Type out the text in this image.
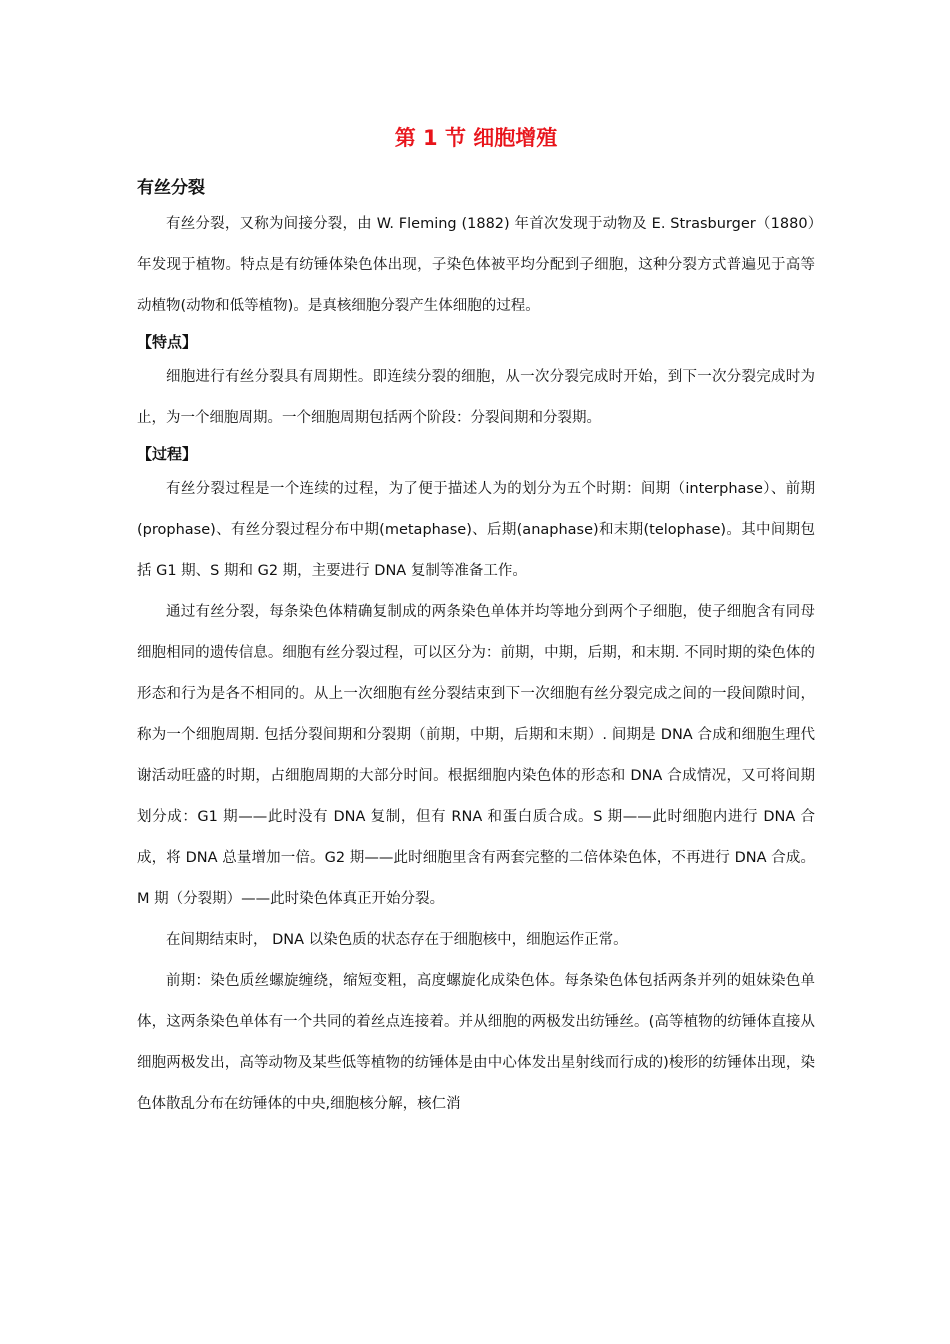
第 1 节 细胞增殖
有丝分裂

有丝分裂，又称为间接分裂，由 W. Fleming (1882) 年首次发现于动物及 E. Strasburger（1880）年发现于植物。特点是有纺锤体染色体出现，子染色体被平均分配到子细胞，这种分裂方式普遍见于高等动植物(动物和低等植物)。是真核细胞分裂产生体细胞的过程。

【特点】

细胞进行有丝分裂具有周期性。即连续分裂的细胞，从一次分裂完成时开始，到下一次分裂完成时为止，为一个细胞周期。一个细胞周期包括两个阶段：分裂间期和分裂期。

【过程】

有丝分裂过程是一个连续的过程，为了便于描述人为的划分为五个时期：间期（interphase）、前期(prophase)、有丝分裂过程分布中期(metaphase)、后期(anaphase)和末期(telophase)。其中间期包括 G1 期、S 期和 G2 期，主要进行 DNA 复制等准备工作。

通过有丝分裂，每条染色体精确复制成的两条染色单体并均等地分到两个子细胞，使子细胞含有同母细胞相同的遗传信息。细胞有丝分裂过程，可以区分为：前期，中期，后期，和末期. 不同时期的染色体的形态和行为是各不相同的。从上一次细胞有丝分裂结束到下一次细胞有丝分裂完成之间的一段间隙时间，称为一个细胞周期. 包括分裂间期和分裂期（前期，中期，后期和末期）. 间期是 DNA 合成和细胞生理代谢活动旺盛的时期，占细胞周期的大部分时间。根据细胞内染色体的形态和 DNA 合成情况，又可将间期划分成：G1 期——此时没有 DNA 复制，但有 RNA 和蛋白质合成。S 期——此时细胞内进行 DNA 合成，将 DNA 总量增加一倍。G2 期——此时细胞里含有两套完整的二倍体染色体，不再进行 DNA 合成。M 期（分裂期）——此时染色体真正开始分裂。

在间期结束时， DNA 以染色质的状态存在于细胞核中，细胞运作正常。

前期：染色质丝螺旋缠绕，缩短变粗，高度螺旋化成染色体。每条染色体包括两条并列的姐妹染色单体，这两条染色单体有一个共同的着丝点连接着。并从细胞的两极发出纺锤丝。(高等植物的纺锤体直接从细胞两极发出，高等动物及某些低等植物的纺锤体是由中心体发出星射线而行成的)梭形的纺锤体出现，染色体散乱分布在纺锤体的中央,细胞核分解，核仁消
